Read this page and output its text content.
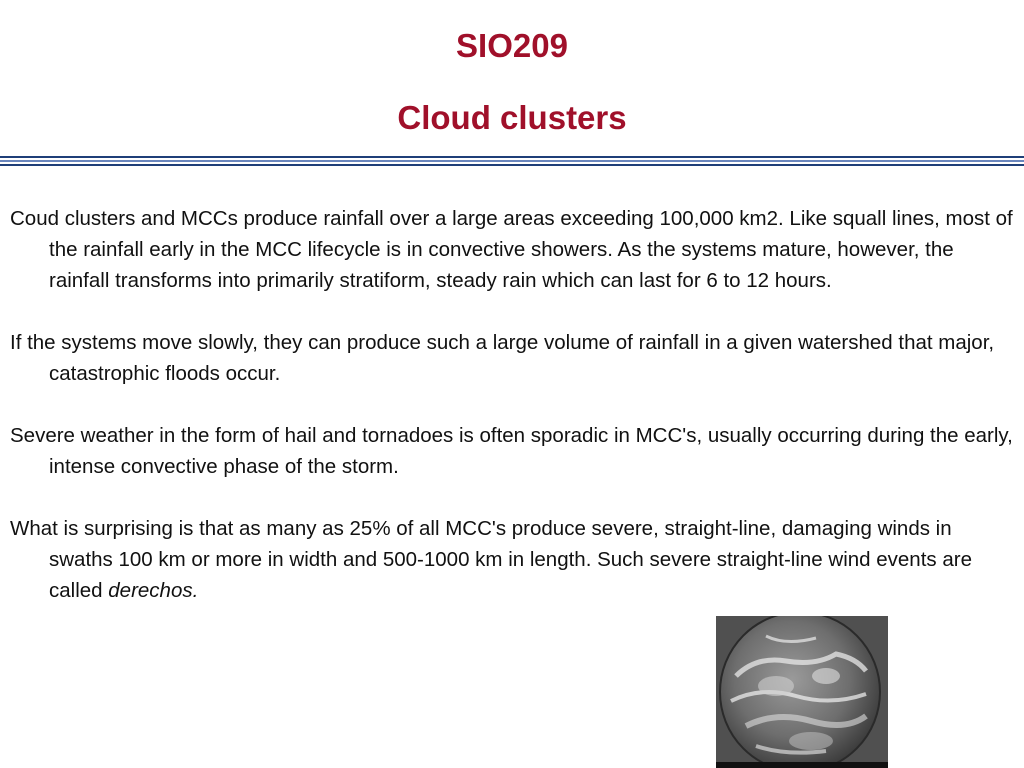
SIO209
Cloud clusters

Coud clusters and MCCs produce rainfall over a large areas exceeding 100,000 km2. Like squall lines, most of the rainfall early in the MCC lifecycle is in convective showers. As the systems mature, however, the rainfall transforms into primarily stratiform, steady rain which can last for 6 to 12 hours.

If the systems move slowly, they can produce such a large volume of rainfall in a given watershed that major, catastrophic floods occur.

Severe weather in the form of hail and tornadoes is often sporadic in MCC's, usually occurring during the early, intense convective phase of the storm.

What is surprising is that as many as 25% of all MCC's produce severe, straight-line, damaging winds in swaths 100 km or more in width and 500-1000 km in length. Such severe straight-line wind events are called derechos.
